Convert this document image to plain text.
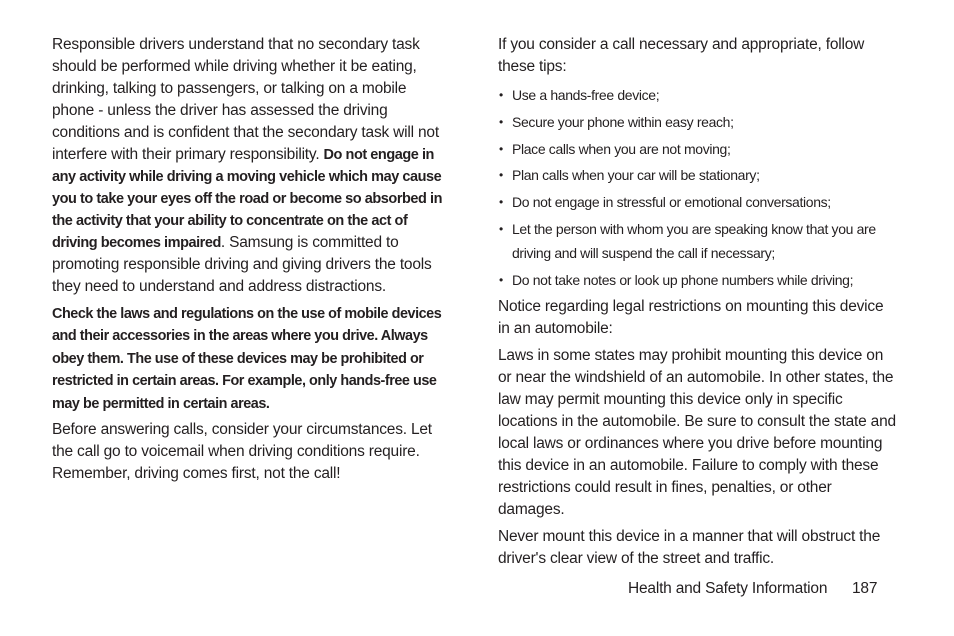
Responsible drivers understand that no secondary task should be performed while driving whether it be eating, drinking, talking to passengers, or talking on a mobile phone - unless the driver has assessed the driving conditions and is confident that the secondary task will not interfere with their primary responsibility. Do not engage in any activity while driving a moving vehicle which may cause you to take your eyes off the road or become so absorbed in the activity that your ability to concentrate on the act of driving becomes impaired. Samsung is committed to promoting responsible driving and giving drivers the tools they need to understand and address distractions.

Check the laws and regulations on the use of mobile devices and their accessories in the areas where you drive. Always obey them. The use of these devices may be prohibited or restricted in certain areas. For example, only hands-free use may be permitted in certain areas.

Before answering calls, consider your circumstances. Let the call go to voicemail when driving conditions require. Remember, driving comes first, not the call!

If you consider a call necessary and appropriate, follow these tips:

• Use a hands-free device;
• Secure your phone within easy reach;
• Place calls when you are not moving;
• Plan calls when your car will be stationary;
• Do not engage in stressful or emotional conversations;
• Let the person with whom you are speaking know that you are driving and will suspend the call if necessary;
• Do not take notes or look up phone numbers while driving;

Notice regarding legal restrictions on mounting this device in an automobile:

Laws in some states may prohibit mounting this device on or near the windshield of an automobile. In other states, the law may permit mounting this device only in specific locations in the automobile. Be sure to consult the state and local laws or ordinances where you drive before mounting this device in an automobile. Failure to comply with these restrictions could result in fines, penalties, or other damages.

Never mount this device in a manner that will obstruct the driver's clear view of the street and traffic.

Health and Safety Information 187
